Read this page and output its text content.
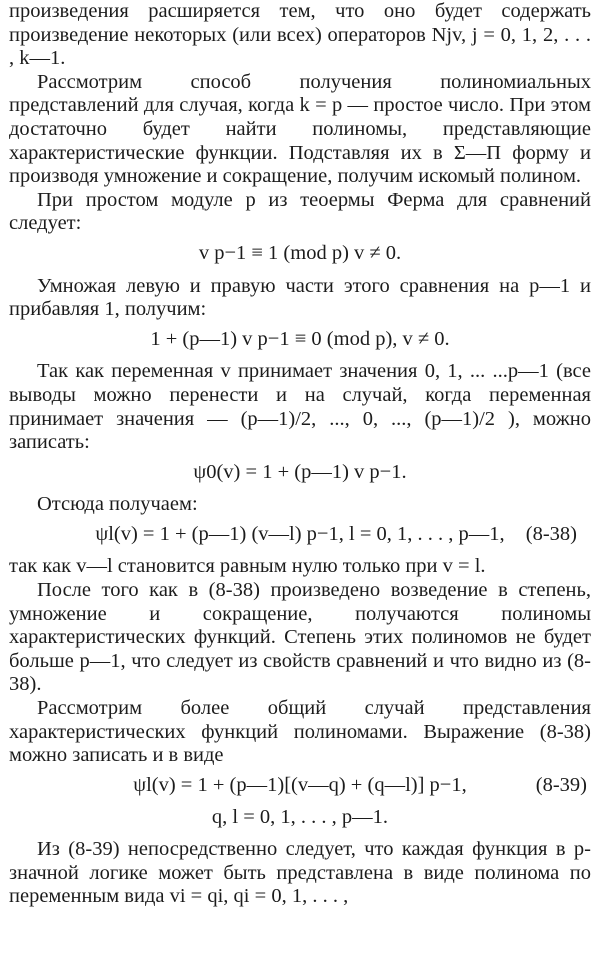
произведения расширяется тем, что оно будет содержать произведение некоторых (или всех) операторов Njv, j = 0, 1, 2, . . . , k—1.

Рассмотрим способ получения полиномиальных представлений для случая, когда k = p — простое число. При этом достаточно будет найти полиномы, представляющие характеристические функции. Подставляя их в Σ—Π форму и производя умножение и сокращение, получим искомый полином.

При простом модуле p из теоермы Ферма для сравнений следует:

v p−1 ≡ 1 (mod p) v ≠ 0.

Умножая левую и правую части этого сравнения на p—1 и прибавляя 1, получим:

1 + (p—1) v p−1 ≡ 0 (mod p), v ≠ 0.

Так как переменная v принимает значения 0, 1, ... ...p—1 (все выводы можно перенести и на случай, когда переменная принимает значения — (p—1)/2, ..., 0, ..., (p—1)/2 ), можно записать:

ψ0(v) = 1 + (p—1) v p−1.

Отсюда получаем:

ψl(v) = 1 + (p—1) (v—l) p−1, l = 0, 1, . . . , p—1, (8-38)

так как v—l становится равным нулю только при v = l.

После того как в (8-38) произведено возведение в степень, умножение и сокращение, получаются полиномы характеристических функций. Степень этих полиномов не будет больше p—1, что следует из свойств сравнений и что видно из (8-38).

Рассмотрим более общий случай представления характеристических функций полиномами. Выражение (8-38) можно записать и в виде

ψl(v) = 1 + (p—1)[(v—q) + (q—l)] p−1,	(8-39)
q, l = 0, 1, . . . , p—1.

Из (8-39) непосредственно следует, что каждая функция в p-значной логике может быть представлена в виде полинома по переменным вида vi = qi, qi = 0, 1, . . . ,
